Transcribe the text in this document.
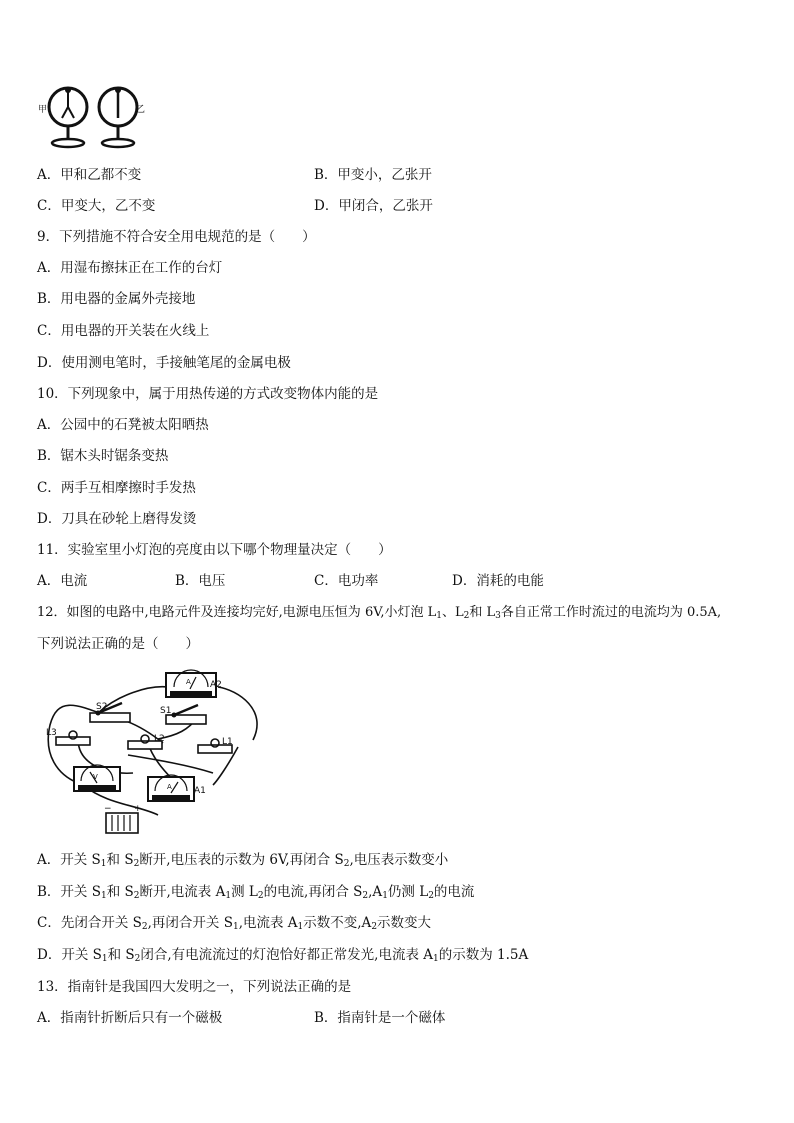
甲	乙
A．甲和乙都不变	B．甲变小，乙张开
C．甲变大，乙不变	D．甲闭合，乙张开
9．下列措施不符合安全用电规范的是（　　）
A．用湿布擦抹正在工作的台灯
B．用电器的金属外壳接地
C．用电器的开关装在火线上
D．使用测电笔时，手接触笔尾的金属电极
10．下列现象中，属于用热传递的方式改变物体内能的是
A．公园中的石凳被太阳晒热
B．锯木头时锯条变热
C．两手互相摩擦时手发热
D．刀具在砂轮上磨得发烫
11．实验室里小灯泡的亮度由以下哪个物理量决定（　　）
A．电流	B．电压	C．电功率	D．消耗的电能
12．如图的电路中,电路元件及连接均完好,电源电压恒为 6V,小灯泡 $L_1$、$L_2$和 $L_3$各自正常工作时流过的电流均为 0.5A,
下列说法正确的是（　　）
A A2
S2	S1
L3
L2	L1
V
A A1
− +
A．开关 $S_1$和 $S_2$断开,电压表的示数为 6V,再闭合 $S_2$,电压表示数变小
B．开关 $S_1$和 $S_2$断开,电流表 $A_1$测 $L_2$的电流,再闭合 $S_2,A_1$仍测 $L_2$的电流
C．先闭合开关 $S_2$,再闭合开关 $S_1$,电流表 $A_1$示数不变$,A_2$示数变大
D．开关 $S_1$和 $S_2$闭合,有电流流过的灯泡恰好都正常发光,电流表 $A_1$的示数为 1.5A
13．指南针是我国四大发明之一，下列说法正确的是
A．指南针折断后只有一个磁极	B．指南针是一个磁体
